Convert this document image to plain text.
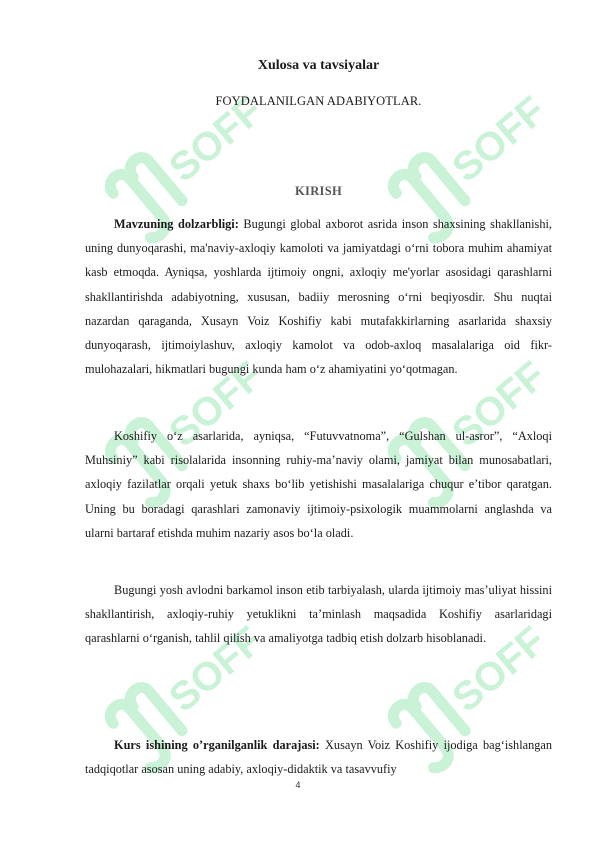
SOFF	SOFF
SOFF	SOFF
SOFF	SOFF
Xulosa va tavsiyalar
FOYDALANILGAN ADABIYOTLAR.
KIRISH

Mavzuning dolzarbligi: Bugungi global axborot asrida inson shaxsining shakllanishi, uning dunyoqarashi, ma'naviy-axloqiy kamoloti va jamiyatdagi o‘rni tobora muhim ahamiyat kasb etmoqda. Ayniqsa, yoshlarda ijtimoiy ongni, axloqiy me'yorlar asosidagi qarashlarni shakllantirishda adabiyotning, xususan, badiiy merosning o‘rni beqiyosdir. Shu nuqtai nazardan qaraganda, Xusayn Voiz Koshifiy kabi mutafakkirlarning asarlarida shaxsiy dunyoqarash, ijtimoiylashuv, axloqiy kamolot va odob-axloq masalalariga oid fikr-mulohazalari, hikmatlari bugungi kunda ham o‘z ahamiyatini yo‘qotmagan.

Koshifiy o‘z asarlarida, ayniqsa, “Futuvvatnoma”, “Gulshan ul-asror”, “Axloqi Muhsiniy” kabi risolalarida insonning ruhiy-ma’naviy olami, jamiyat bilan munosabatlari, axloqiy fazilatlar orqali yetuk shaxs bo‘lib yetishishi masalalariga chuqur e’tibor qaratgan. Uning bu boradagi qarashlari zamonaviy ijtimoiy-psixologik muammolarni anglashda va ularni bartaraf etishda muhim nazariy asos bo‘la oladi.

Bugungi yosh avlodni barkamol inson etib tarbiyalash, ularda ijtimoiy mas’uliyat hissini shakllantirish, axloqiy-ruhiy yetuklikni ta’minlash maqsadida Koshifiy asarlaridagi qarashlarni o‘rganish, tahlil qilish va amaliyotga tadbiq etish dolzarb hisoblanadi.

Kurs ishining o’rganilganlik darajasi: Xusayn Voiz Koshifiy ijodiga bag‘ishlangan tadqiqotlar asosan uning adabiy, axloqiy-didaktik va tasavvufiy

4
